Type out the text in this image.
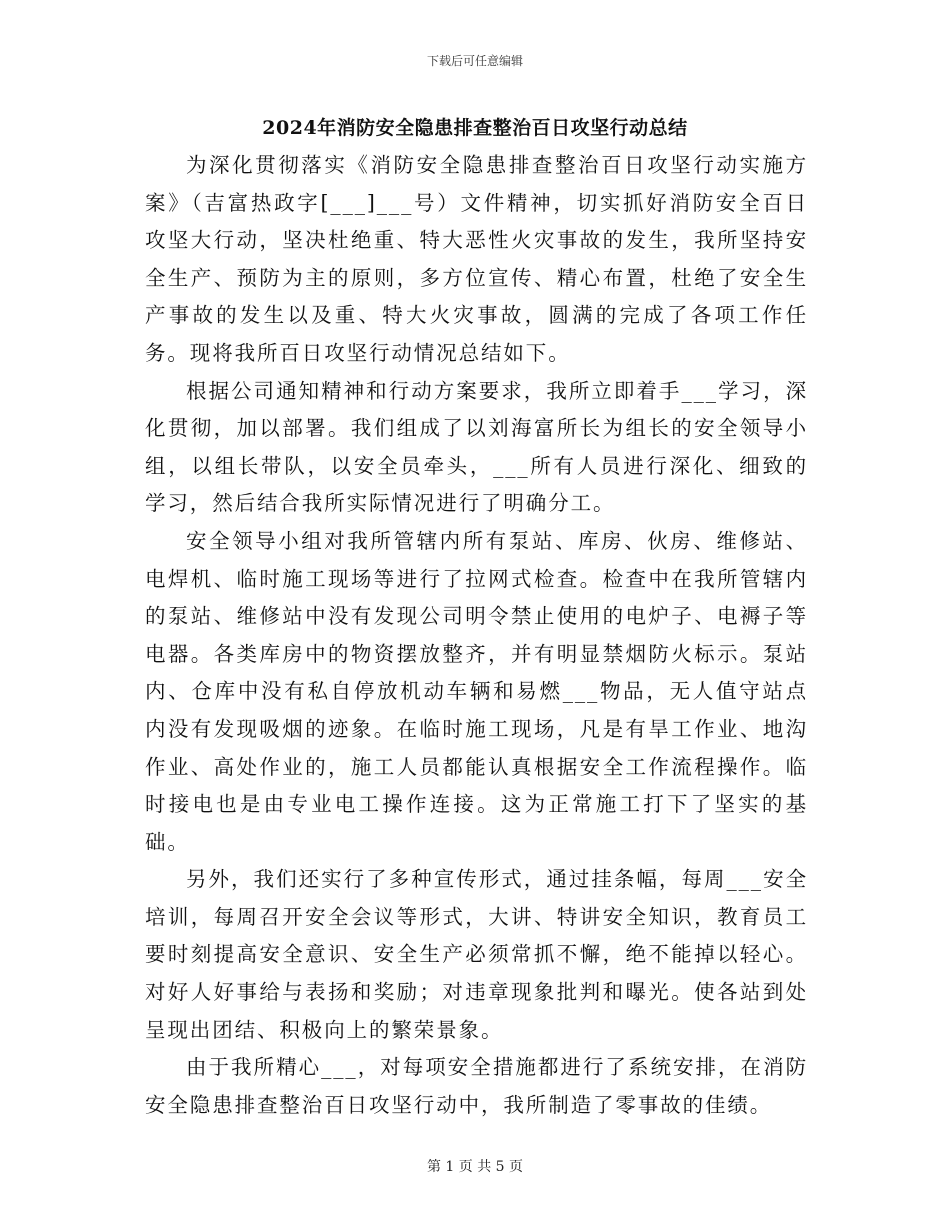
下载后可任意编辑
2024年消防安全隐患排查整治百日攻坚行动总结

为深化贯彻落实《消防安全隐患排查整治百日攻坚行动实施方案》（吉富热政字[___]___号）文件精神，切实抓好消防安全百日攻坚大行动，坚决杜绝重、特大恶性火灾事故的发生，我所坚持安全生产、预防为主的原则，多方位宣传、精心布置，杜绝了安全生产事故的发生以及重、特大火灾事故，圆满的完成了各项工作任务。现将我所百日攻坚行动情况总结如下。

根据公司通知精神和行动方案要求，我所立即着手___学习，深化贯彻，加以部署。我们组成了以刘海富所长为组长的安全领导小组，以组长带队，以安全员牵头，___所有人员进行深化、细致的学习，然后结合我所实际情况进行了明确分工。

安全领导小组对我所管辖内所有泵站、库房、伙房、维修站、电焊机、临时施工现场等进行了拉网式检查。检查中在我所管辖内的泵站、维修站中没有发现公司明令禁止使用的电炉子、电褥子等电器。各类库房中的物资摆放整齐，并有明显禁烟防火标示。泵站内、仓库中没有私自停放机动车辆和易燃___物品，无人值守站点内没有发现吸烟的迹象。在临时施工现场，凡是有旱工作业、地沟作业、高处作业的，施工人员都能认真根据安全工作流程操作。临时接电也是由专业电工操作连接。这为正常施工打下了坚实的基础。

另外，我们还实行了多种宣传形式，通过挂条幅，每周___安全培训，每周召开安全会议等形式，大讲、特讲安全知识，教育员工要时刻提高安全意识、安全生产必须常抓不懈，绝不能掉以轻心。对好人好事给与表扬和奖励；对违章现象批判和曝光。使各站到处呈现出团结、积极向上的繁荣景象。

由于我所精心___，对每项安全措施都进行了系统安排，在消防安全隐患排查整治百日攻坚行动中，我所制造了零事故的佳绩。

第 1 页 共 5 页
